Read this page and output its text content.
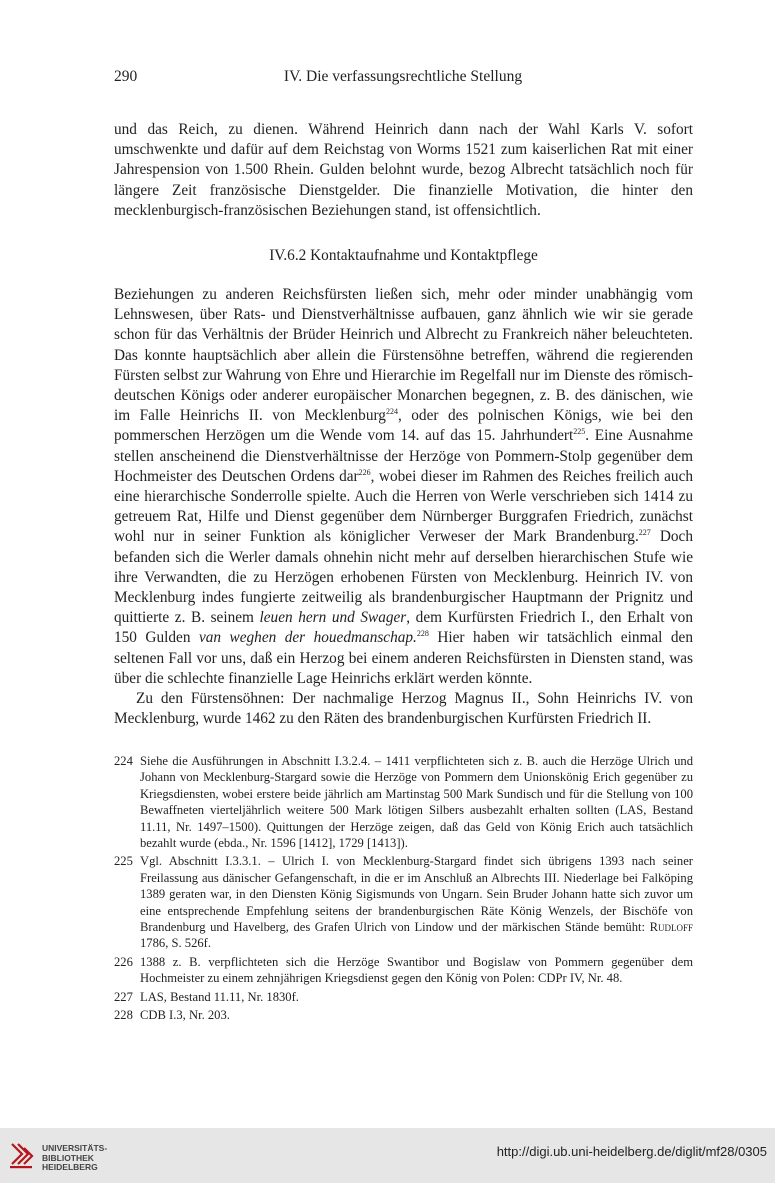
290	IV. Die verfassungsrechtliche Stellung

und das Reich, zu dienen. Während Heinrich dann nach der Wahl Karls V. sofort umschwenkte und dafür auf dem Reichstag von Worms 1521 zum kaiserlichen Rat mit einer Jahrespension von 1.500 Rhein. Gulden belohnt wurde, bezog Albrecht tatsächlich noch für längere Zeit französische Dienstgelder. Die finanzielle Motivation, die hinter den mecklenburgisch-französischen Beziehungen stand, ist offensichtlich.

IV.6.2 Kontaktaufnahme und Kontaktpflege

Beziehungen zu anderen Reichsfürsten ließen sich, mehr oder minder unabhängig vom Lehnswesen, über Rats- und Dienstverhältnisse aufbauen, ganz ähnlich wie wir sie gerade schon für das Verhältnis der Brüder Heinrich und Albrecht zu Frankreich näher beleuchteten. Das konnte hauptsächlich aber allein die Fürstensöhne betreffen, während die regierenden Fürsten selbst zur Wahrung von Ehre und Hierarchie im Regelfall nur im Dienste des römisch-deutschen Königs oder anderer europäischer Monarchen begegnen, z. B. des dänischen, wie im Falle Heinrichs II. von Mecklenburg$^{224}$, oder des polnischen Königs, wie bei den pommerschen Herzögen um die Wende vom 14. auf das 15. Jahrhundert$^{225}$. Eine Ausnahme stellen anscheinend die Dienstverhältnisse der Herzöge von Pommern-Stolp gegenüber dem Hochmeister des Deutschen Ordens dar$^{226}$, wobei dieser im Rahmen des Reiches freilich auch eine hierarchische Sonderrolle spielte. Auch die Herren von Werle verschrieben sich 1414 zu getreuem Rat, Hilfe und Dienst gegenüber dem Nürnberger Burggrafen Friedrich, zunächst wohl nur in seiner Funktion als königlicher Verweser der Mark Brandenburg.$^{227}$ Doch befanden sich die Werler damals ohnehin nicht mehr auf derselben hierarchischen Stufe wie ihre Verwandten, die zu Herzögen erhobenen Fürsten von Mecklenburg. Heinrich IV. von Mecklenburg indes fungierte zeitweilig als brandenburgischer Hauptmann der Prignitz und quittierte z. B. seinem leuen hern und Swager, dem Kurfürsten Friedrich I., den Erhalt von 150 Gulden van weghen der houedmanschap.$^{228}$ Hier haben wir tatsächlich einmal den seltenen Fall vor uns, daß ein Herzog bei einem anderen Reichsfürsten in Diensten stand, was über die schlechte finanzielle Lage Heinrichs erklärt werden könnte.

Zu den Fürstensöhnen: Der nachmalige Herzog Magnus II., Sohn Heinrichs IV. von Mecklenburg, wurde 1462 zu den Räten des brandenburgischen Kurfürsten Friedrich II.

224 Siehe die Ausführungen in Abschnitt I.3.2.4. – 1411 verpflichteten sich z. B. auch die Herzöge Ulrich und Johann von Mecklenburg-Stargard sowie die Herzöge von Pommern dem Unionskönig Erich gegenüber zu Kriegsdiensten, wobei erstere beide jährlich am Martinstag 500 Mark Sundisch und für die Stellung von 100 Bewaffneten vierteljährlich weitere 500 Mark lötigen Silbers ausbezahlt erhalten sollten (LAS, Bestand 11.11, Nr. 1497–1500). Quittungen der Herzöge zeigen, daß das Geld von König Erich auch tatsächlich bezahlt wurde (ebda., Nr. 1596 [1412], 1729 [1413]).
225 Vgl. Abschnitt I.3.3.1. – Ulrich I. von Mecklenburg-Stargard findet sich übrigens 1393 nach seiner Freilassung aus dänischer Gefangenschaft, in die er im Anschluß an Albrechts III. Niederlage bei Falköping 1389 geraten war, in den Diensten König Sigismunds von Ungarn. Sein Bruder Johann hatte sich zuvor um eine entsprechende Empfehlung seitens der brandenburgischen Räte König Wenzels, der Bischöfe von Brandenburg und Havelberg, des Grafen Ulrich von Lindow und der märkischen Stände bemüht: Rudloff 1786, S. 526f.
226 1388 z. B. verpflichteten sich die Herzöge Swantibor und Bogislaw von Pommern gegenüber dem Hochmeister zu einem zehnjährigen Kriegsdienst gegen den König von Polen: CDPr IV, Nr. 48.
227 LAS, Bestand 11.11, Nr. 1830f.
228 CDB I.3, Nr. 203.
UNIVERSITÄTS-
BIBLIOTHEK
HEIDELBERG
http://digi.ub.uni-heidelberg.de/diglit/mf28/0305
